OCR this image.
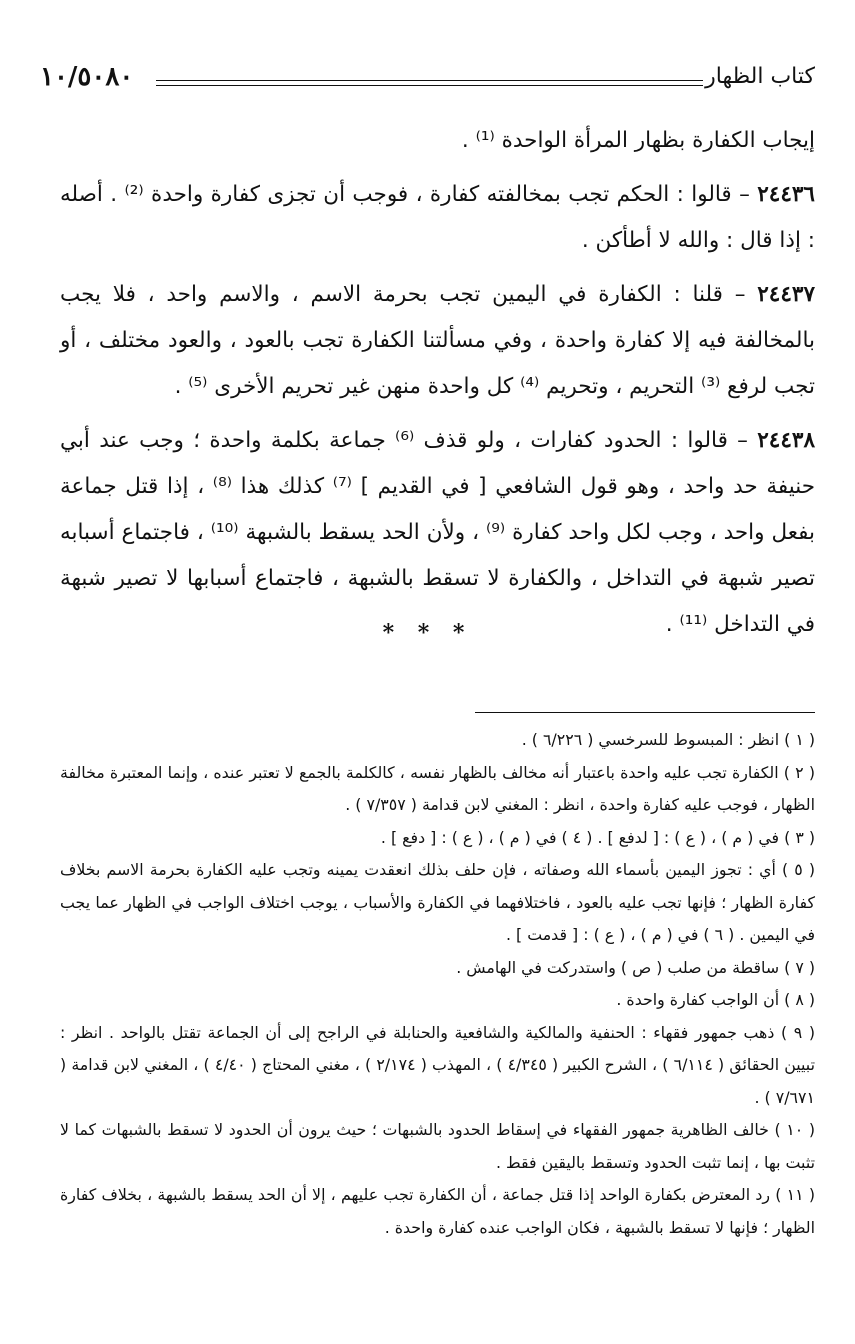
١٠/٥٠٨٠	كتاب الظهار

إيجاب الكفارة بظهار المرأة الواحدة ⁽¹⁾ .

٢٤٤٣٦ – قالوا : الحكم تجب بمخالفته كفارة ، فوجب أن تجزى كفارة واحدة ⁽²⁾ . أصله : إذا قال : والله لا أطأكن .

٢٤٤٣٧ – قلنا : الكفارة في اليمين تجب بحرمة الاسم ، والاسم واحد ، فلا يجب بالمخالفة فيه إلا كفارة واحدة ، وفي مسألتنا الكفارة تجب بالعود ، والعود مختلف ، أو تجب لرفع ⁽³⁾ التحريم ، وتحريم ⁽⁴⁾ كل واحدة منهن غير تحريم الأخرى ⁽⁵⁾ .

٢٤٤٣٨ – قالوا : الحدود كفارات ، ولو قذف ⁽⁶⁾ جماعة بكلمة واحدة ؛ وجب عند أبي حنيفة حد واحد ، وهو قول الشافعي [ في القديم ] ⁽⁷⁾ كذلك هذا ⁽⁸⁾ ، إذا قتل جماعة بفعل واحد ، وجب لكل واحد كفارة ⁽⁹⁾ ، ولأن الحد يسقط بالشبهة ⁽¹⁰⁾ ، فاجتماع أسبابه تصير شبهة في التداخل ، والكفارة لا تسقط بالشبهة ، فاجتماع أسبابها لا تصير شبهة في التداخل ⁽¹¹⁾ .

* * *

( ١ ) انظر : المبسوط للسرخسي ( ٦/٢٢٦ ) .

( ٢ ) الكفارة تجب عليه واحدة باعتبار أنه مخالف بالظهار نفسه ، كالكلمة بالجمع لا تعتبر عنده ، وإنما المعتبرة مخالفة الظهار ، فوجب عليه كفارة واحدة ، انظر : المغني لابن قدامة ( ٧/٣٥٧ ) .

( ٣ ) في ( م ) ، ( ع ) : [ لدفع ] . ( ٤ ) في ( م ) ، ( ع ) : [ دفع ] .

( ٥ ) أي : تجوز اليمين بأسماء الله وصفاته ، فإن حلف بذلك انعقدت يمينه وتجب عليه الكفارة بحرمة الاسم بخلاف كفارة الظهار ؛ فإنها تجب عليه بالعود ، فاختلافهما في الكفارة والأسباب ، يوجب اختلاف الواجب في الظهار عما يجب في اليمين . ( ٦ ) في ( م ) ، ( ع ) : [ قدمت ] .

( ٧ ) ساقطة من صلب ( ص ) واستدركت في الهامش .

( ٨ ) أن الواجب كفارة واحدة .

( ٩ ) ذهب جمهور فقهاء : الحنفية والمالكية والشافعية والحنابلة في الراجح إلى أن الجماعة تقتل بالواحد . انظر : تبيين الحقائق ( ٦/١١٤ ) ، الشرح الكبير ( ٤/٣٤٥ ) ، المهذب ( ٢/١٧٤ ) ، مغني المحتاج ( ٤/٤٠ ) ، المغني لابن قدامة ( ٧/٦٧١ ) .

( ١٠ ) خالف الظاهرية جمهور الفقهاء في إسقاط الحدود بالشبهات ؛ حيث يرون أن الحدود لا تسقط بالشبهات كما لا تثبت بها ، إنما تثبت الحدود وتسقط باليقين فقط .

( ١١ ) رد المعترض بكفارة الواحد إذا قتل جماعة ، أن الكفارة تجب عليهم ، إلا أن الحد يسقط بالشبهة ، بخلاف كفارة الظهار ؛ فإنها لا تسقط بالشبهة ، فكان الواجب عنده كفارة واحدة .
